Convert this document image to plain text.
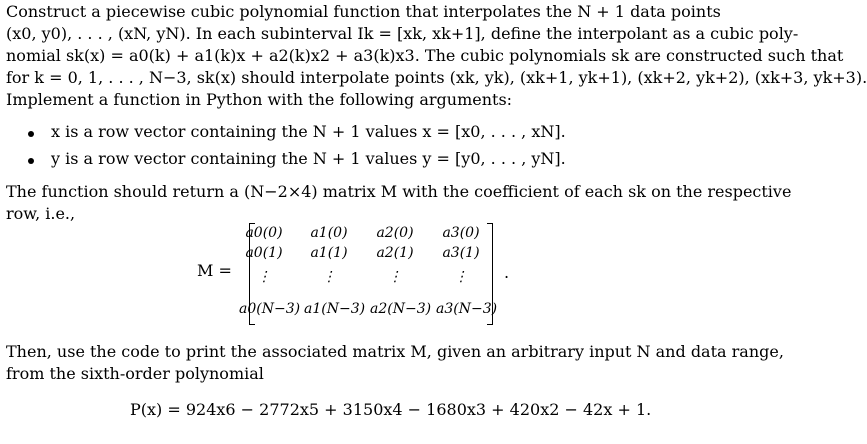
Construct a piecewise cubic polynomial function that interpolates the N + 1 data points
(x0, y0), . . . , (xN, yN). In each subinterval Ik = [xk, xk+1], define the interpolant as a cubic poly-
nomial sk(x) = a0(k) + a1(k)x + a2(k)x2 + a3(k)x3. The cubic polynomials sk are constructed such that
for k = 0, 1, . . . , N−3, sk(x) should interpolate points (xk, yk), (xk+1, yk+1), (xk+2, yk+2), (xk+3, yk+3).
Implement a function in Python with the following arguments:
x is a row vector containing the N + 1 values x = [x0, . . . , xN].
y is a row vector containing the N + 1 values y = [y0, . . . , yN].
The function should return a (N−2×4) matrix M with the coefficient of each sk on the respective
row, i.e.,
M =
a0(0)	a1(0)	a2(0)	a3(0)
a0(1)	a1(1)	a2(1)	a3(1)
⋮	⋮	⋮	⋮
a0(N−3) a1(N−3) a2(N−3) a3(N−3)
.
Then, use the code to print the associated matrix M, given an arbitrary input N and data range,
from the sixth-order polynomial
P(x) = 924x6 − 2772x5 + 3150x4 − 1680x3 + 420x2 − 42x + 1.
